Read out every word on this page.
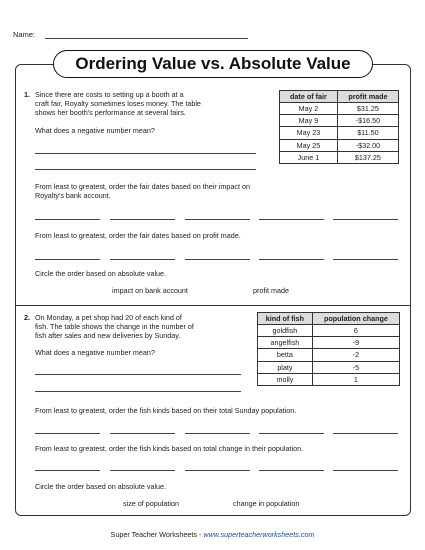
Name:
Ordering Value vs. Absolute Value
1. Since there are costs to setting up a booth at a
craft fair, Royalty sometimes loses money. The table
shows her booth's performance at several fairs.
What does a negative number mean?
date of fair	profit made
May 2	$31.25
May 9	-$16.50
May 23	$11.50
May 25	-$32.00
June 1	$137.25
From least to greatest, order the fair dates based on their impact on
Royalty's bank account.
From least to greatest, order the fair dates based on profit made.
Circle the order based on absolute value.
impact on bank account	profit made
2. On Monday, a pet shop had 20 of each kind of
fish. The table shows the change in the number of
fish after sales and new deliveries by Sunday.
What does a negative number mean?
kind of fish	population change
goldfish	6
angelfish	-9
betta	-2
platy	-5
molly	1
From least to greatest, order the fish kinds based on their total Sunday population.
From least to greatest, order the fish kinds based on total change in their population.
Circle the order based on absolute value.
size of population	change in population
Super Teacher Worksheets - www.superteacherworksheets.com
